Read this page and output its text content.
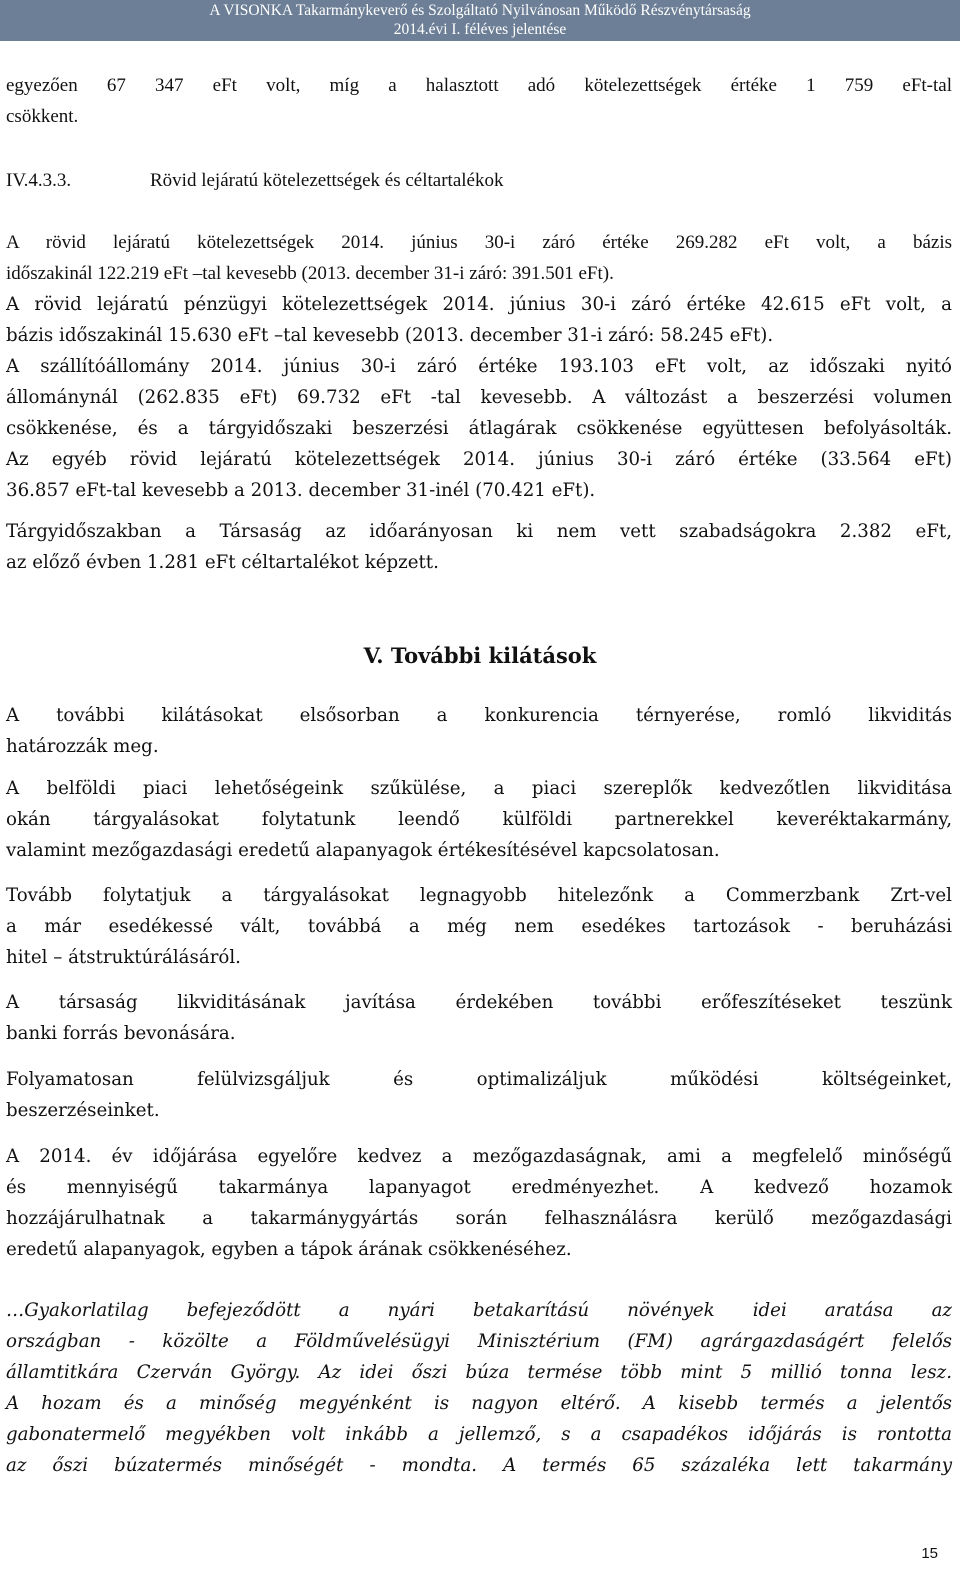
A VISONKA Takarmánykeverő és Szolgáltató Nyilvánosan Működő Részvénytársaság
2014.évi I. féléves jelentése

egyezően 67 347 eFt volt, míg a halasztott adó kötelezettségek értéke 1 759 eFt-tal

csökkent.

IV.4.3.3.	Rövid lejáratú kötelezettségek és céltartalékok

A rövid lejáratú kötelezettségek 2014. június 30-i záró értéke 269.282 eFt volt, a bázis

időszakinál 122.219 eFt –tal kevesebb (2013. december 31-i záró: 391.501 eFt).

A rövid lejáratú pénzügyi kötelezettségek 2014. június 30-i záró értéke 42.615 eFt volt, a

bázis időszakinál 15.630 eFt –tal kevesebb (2013. december 31-i záró: 58.245 eFt).

A szállítóállomány 2014. június 30-i záró értéke 193.103 eFt volt, az időszaki nyitó

állománynál (262.835 eFt) 69.732 eFt -tal kevesebb. A változást a beszerzési volumen

csökkenése, és a tárgyidőszaki beszerzési átlagárak csökkenése együttesen befolyásolták.

Az egyéb rövid lejáratú kötelezettségek 2014. június 30-i záró értéke (33.564 eFt)

36.857 eFt-tal kevesebb a 2013. december 31-inél (70.421 eFt).

Tárgyidőszakban a Társaság az időarányosan ki nem vett szabadságokra 2.382 eFt,

az előző évben 1.281 eFt céltartalékot képzett.

V. További kilátások

A további kilátásokat elsősorban a konkurencia térnyerése, romló likviditás

határozzák meg.

A belföldi piaci lehetőségeink szűkülése, a piaci szereplők kedvezőtlen likviditása

okán tárgyalásokat folytatunk leendő külföldi partnerekkel keveréktakarmány,

valamint mezőgazdasági eredetű alapanyagok értékesítésével kapcsolatosan.

Tovább folytatjuk a tárgyalásokat legnagyobb hitelezőnk a Commerzbank Zrt-vel

a már esedékessé vált, továbbá a még nem esedékes tartozások - beruházási

hitel – átstruktúrálásáról.

A társaság likviditásának javítása érdekében további erőfeszítéseket teszünk

banki forrás bevonására.

Folyamatosan felülvizsgáljuk és optimalizáljuk működési költségeinket,

beszerzéseinket.

A 2014. év időjárása egyelőre kedvez a mezőgazdaságnak, ami a megfelelő minőségű

és mennyiségű takarmánya lapanyagot eredményezhet. A kedvező hozamok

hozzájárulhatnak a takarmánygyártás során felhasználásra kerülő mezőgazdasági

eredetű alapanyagok, egyben a tápok árának csökkenéséhez.

…Gyakorlatilag befejeződött a nyári betakarítású növények idei aratása az

országban - közölte a Földművelésügyi Minisztérium (FM) agrárgazdaságért felelős

államtitkára Czerván György. Az idei őszi búza termése több mint 5 millió tonna lesz.

A hozam és a minőség megyénként is nagyon eltérő. A kisebb termés a jelentős

gabonatermelő megyékben volt inkább a jellemző, s a csapadékos időjárás is rontotta

az őszi búzatermés minőségét - mondta. A termés 65 százaléka lett takarmány

15
